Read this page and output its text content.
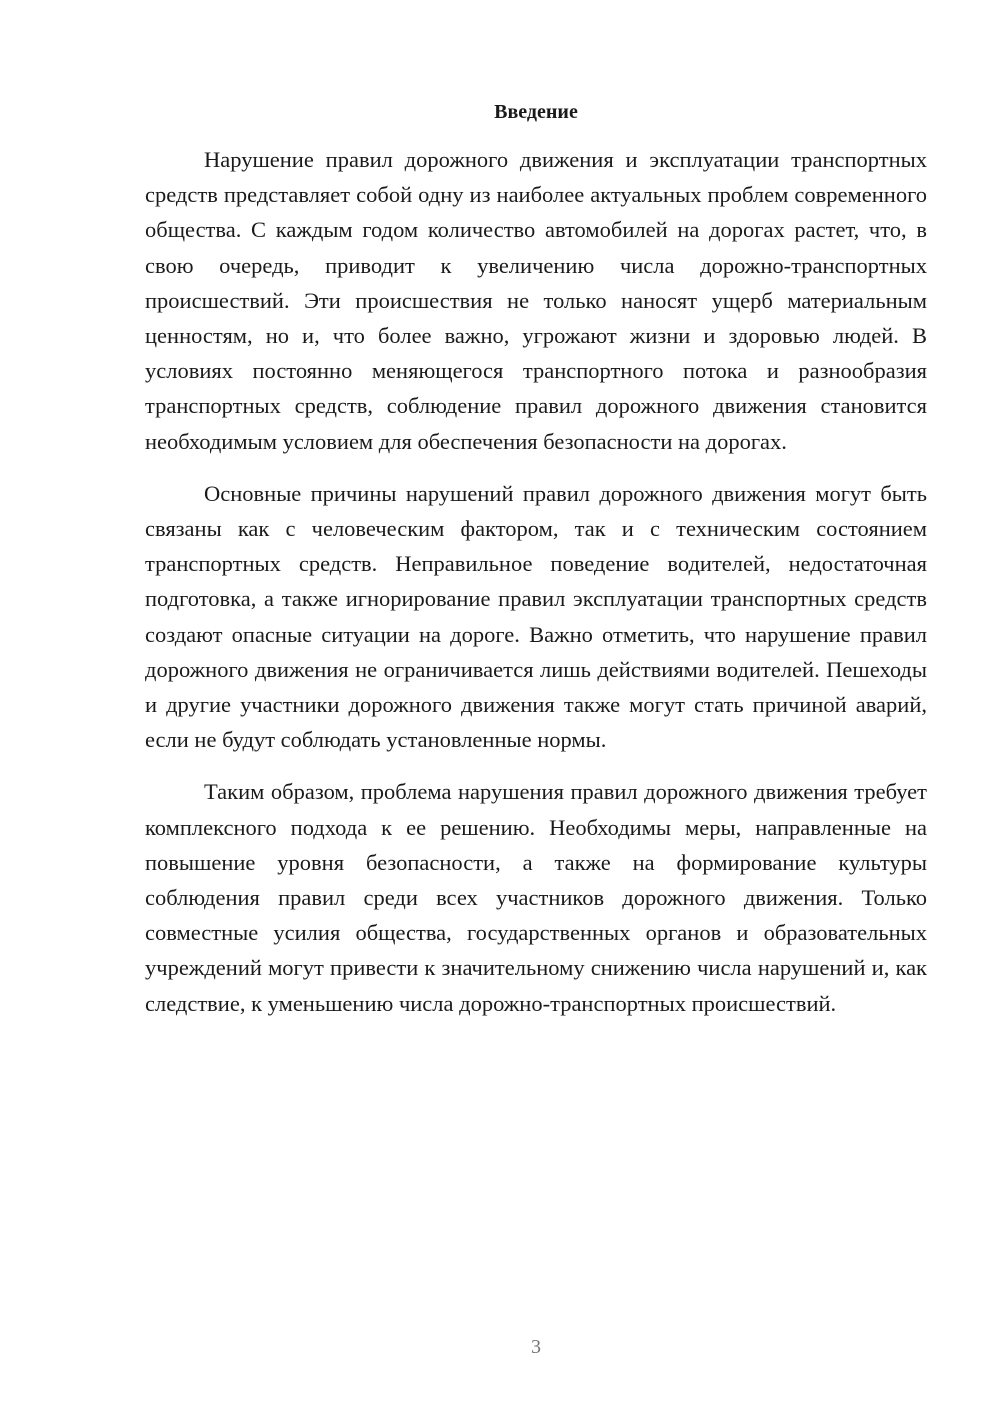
Введение

Нарушение правил дорожного движения и эксплуатации транспортных средств представляет собой одну из наиболее актуальных проблем современного общества. С каждым годом количество автомобилей на дорогах растет, что, в свою очередь, приводит к увеличению числа дорожно-транспортных происшествий. Эти происшествия не только наносят ущерб материальным ценностям, но и, что более важно, угрожают жизни и здоровью людей. В условиях постоянно меняющегося транспортного потока и разнообразия транспортных средств, соблюдение правил дорожного движения становится необходимым условием для обеспечения безопасности на дорогах.

Основные причины нарушений правил дорожного движения могут быть связаны как с человеческим фактором, так и с техническим состоянием транспортных средств. Неправильное поведение водителей, недостаточная подготовка, а также игнорирование правил эксплуатации транспортных средств создают опасные ситуации на дороге. Важно отметить, что нарушение правил дорожного движения не ограничивается лишь действиями водителей. Пешеходы и другие участники дорожного движения также могут стать причиной аварий, если не будут соблюдать установленные нормы.

Таким образом, проблема нарушения правил дорожного движения требует комплексного подхода к ее решению. Необходимы меры, направленные на повышение уровня безопасности, а также на формирование культуры соблюдения правил среди всех участников дорожного движения. Только совместные усилия общества, государственных органов и образовательных учреждений могут привести к значительному снижению числа нарушений и, как следствие, к уменьшению числа дорожно-транспортных происшествий.

3
